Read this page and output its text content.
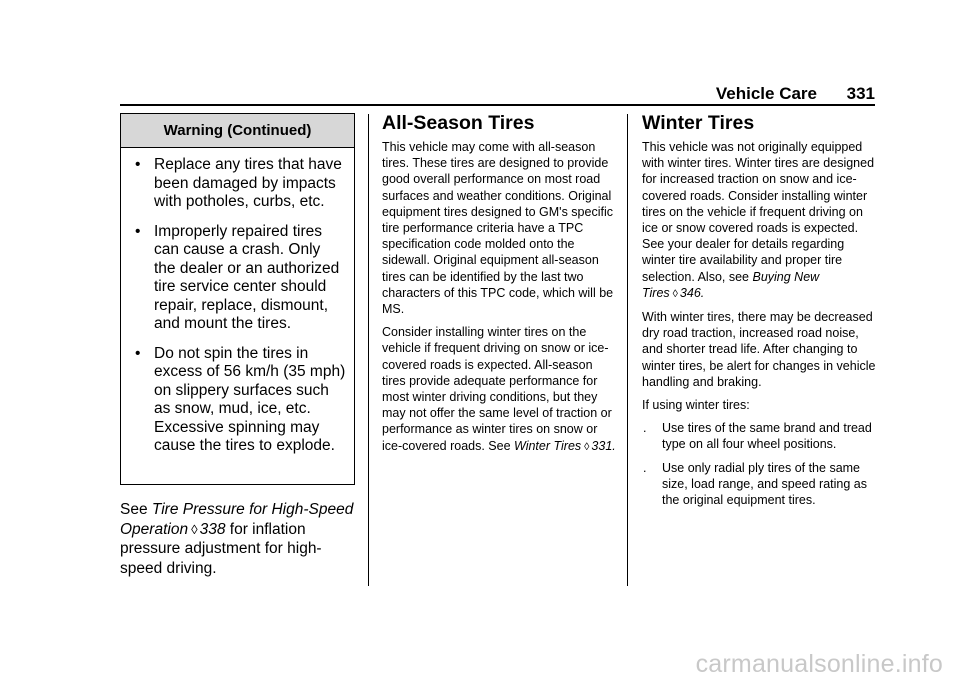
Vehicle Care 331
Warning (Continued)
• Replace any tires that have been damaged by impacts with potholes, curbs, etc.
• Improperly repaired tires can cause a crash. Only the dealer or an authorized tire service center should repair, replace, dismount, and mount the tires.
• Do not spin the tires in excess of 56 km/h (35 mph) on slippery surfaces such as snow, mud, ice, etc. Excessive spinning may cause the tires to explode.

See Tire Pressure for High-Speed Operation ◊ 338 for inflation pressure adjustment for high-speed driving.

All-Season Tires

This vehicle may come with all-season tires. These tires are designed to provide good overall performance on most road surfaces and weather conditions. Original equipment tires designed to GM's specific tire performance criteria have a TPC specification code molded onto the sidewall. Original equipment all-season tires can be identified by the last two characters of this TPC code, which will be MS.

Consider installing winter tires on the vehicle if frequent driving on snow or ice-covered roads is expected. All-season tires provide adequate performance for most winter driving conditions, but they may not offer the same level of traction or performance as winter tires on snow or ice-covered roads. See Winter Tires ◊ 331.

Winter Tires

This vehicle was not originally equipped with winter tires. Winter tires are designed for increased traction on snow and ice-covered roads. Consider installing winter tires on the vehicle if frequent driving on ice or snow covered roads is expected. See your dealer for details regarding winter tire availability and proper tire selection. Also, see Buying New Tires ◊ 346.

With winter tires, there may be decreased dry road traction, increased road noise, and shorter tread life. After changing to winter tires, be alert for changes in vehicle handling and braking.

If using winter tires:

.	Use tires of the same brand and tread type on all four wheel positions.
.	Use only radial ply tires of the same size, load range, and speed rating as the original equipment tires.
carmanualsonline.info
